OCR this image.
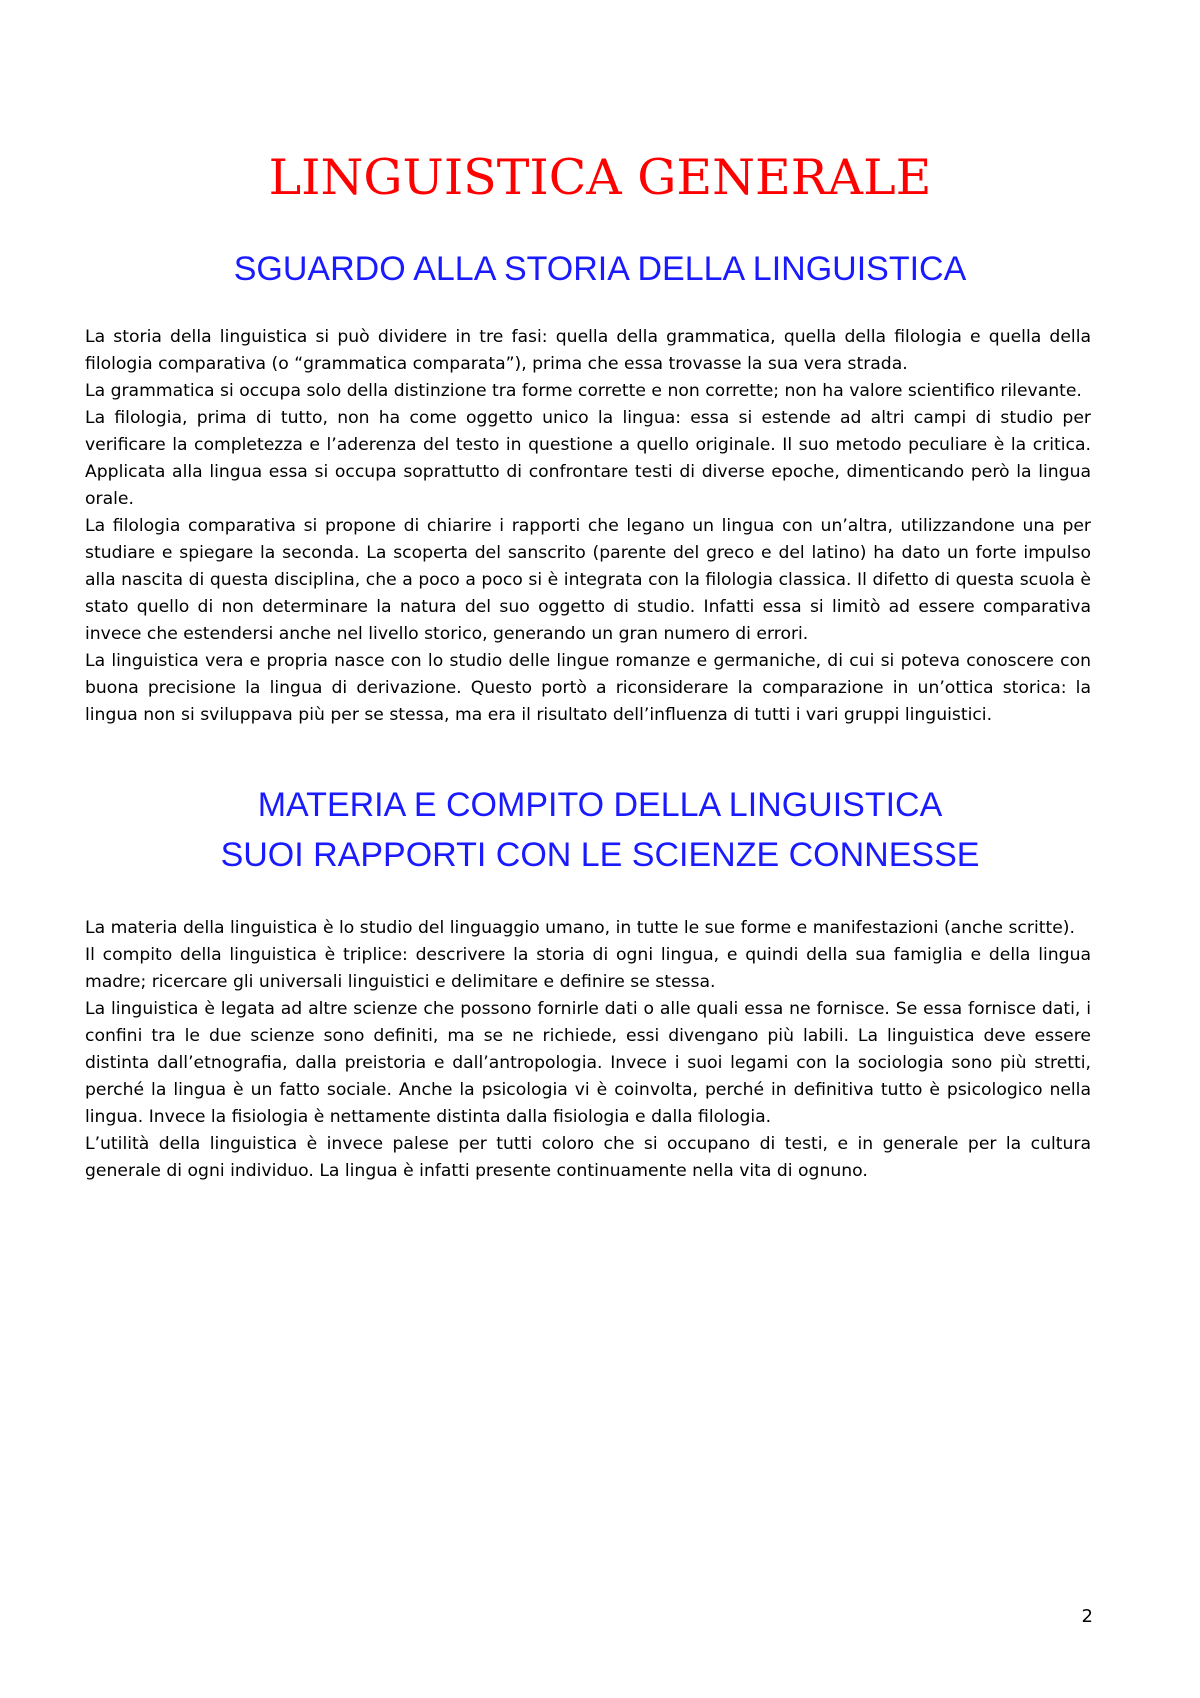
LINGUISTICA GENERALE
SGUARDO ALLA STORIA DELLA LINGUISTICA

La storia della linguistica si può dividere in tre fasi: quella della grammatica, quella della filologia e quella della filologia comparativa (o “grammatica comparata”), prima che essa trovasse la sua vera strada.

La grammatica si occupa solo della distinzione tra forme corrette e non corrette; non ha valore scientifico rilevante.

La filologia, prima di tutto, non ha come oggetto unico la lingua: essa si estende ad altri campi di studio per verificare la completezza e l’aderenza del testo in questione a quello originale. Il suo metodo peculiare è la critica. Applicata alla lingua essa si occupa soprattutto di confrontare testi di diverse epoche, dimenticando però la lingua orale.

La filologia comparativa si propone di chiarire i rapporti che legano un lingua con un’altra, utilizzandone una per studiare e spiegare la seconda. La scoperta del sanscrito (parente del greco e del latino) ha dato un forte impulso alla nascita di questa disciplina, che a poco a poco si è integrata con la filologia classica. Il difetto di questa scuola è stato quello di non determinare la natura del suo oggetto di studio. Infatti essa si limitò ad essere comparativa invece che estendersi anche nel livello storico, generando un gran numero di errori.

La linguistica vera e propria nasce con lo studio delle lingue romanze e germaniche, di cui si poteva conoscere con buona precisione la lingua di derivazione. Questo portò a riconsiderare la comparazione in un’ottica storica: la lingua non si sviluppava più per se stessa, ma era il risultato dell’influenza di tutti i vari gruppi linguistici.

MATERIA E COMPITO DELLA LINGUISTICA
SUOI RAPPORTI CON LE SCIENZE CONNESSE

La materia della linguistica è lo studio del linguaggio umano, in tutte le sue forme e manifestazioni (anche scritte).

Il compito della linguistica è triplice: descrivere la storia di ogni lingua, e quindi della sua famiglia e della lingua madre; ricercare gli universali linguistici e delimitare e definire se stessa.

La linguistica è legata ad altre scienze che possono fornirle dati o alle quali essa ne fornisce. Se essa fornisce dati, i confini tra le due scienze sono definiti, ma se ne richiede, essi divengano più labili. La linguistica deve essere distinta dall’etnografia, dalla preistoria e dall’antropologia. Invece i suoi legami con la sociologia sono più stretti, perché la lingua è un fatto sociale. Anche la psicologia vi è coinvolta, perché in definitiva tutto è psicologico nella lingua. Invece la fisiologia è nettamente distinta dalla fisiologia e dalla filologia.

L’utilità della linguistica è invece palese per tutti coloro che si occupano di testi, e in generale per la cultura generale di ogni individuo. La lingua è infatti presente continuamente nella vita di ognuno.

2
